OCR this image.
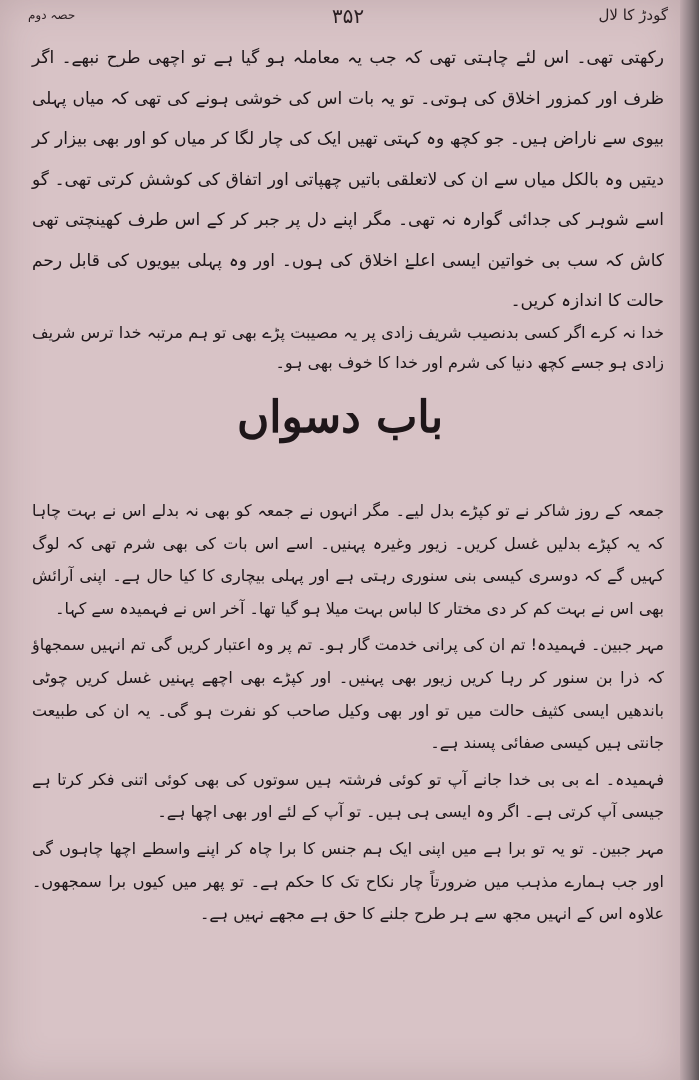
گودڑ کا لال
۳۵۲
حصہ دوم

رکھتی تھی۔ اس لئے چاہتی تھی کہ جب یہ معاملہ ہو گیا ہے تو اچھی طرح نبھے۔ اگر ظرف اور کمزور اخلاق کی ہوتی۔ تو یہ بات اس کی خوشی ہونے کی تھی کہ میاں پہلی بیوی سے ناراض ہیں۔ جو کچھ وہ کہتی تھیں ایک کی چار لگا کر میاں کو اور بھی بیزار کر دیتیں وہ بالکل میاں سے ان کی لاتعلقی باتیں چھپاتی اور اتفاق کی کوشش کرتی تھی۔ گو اسے شوہر کی جدائی گوارہ نہ تھی۔ مگر اپنے دل پر جبر کر کے اس طرف کھینچتی تھی کاش کہ سب بی خواتین ایسی اعلےٰ اخلاق کی ہوں۔ اور وہ پہلی بیویوں کی قابل رحم حالت کا اندازہ کریں۔

خدا نہ کرے اگر کسی بدنصیب شریف زادی پر یہ مصیبت پڑے بھی تو ہم مرتبہ خدا ترس شریف زادی ہو جسے کچھ دنیا کی شرم اور خدا کا خوف بھی ہو۔

باب دسواں

جمعہ کے روز شاکر نے تو کپڑے بدل لیے۔ مگر انہوں نے جمعہ کو بھی نہ بدلے اس نے بہت چاہا کہ یہ کپڑے بدلیں غسل کریں۔ زیور وغیرہ پہنیں۔ اسے اس بات کی بھی شرم تھی کہ لوگ کہیں گے کہ دوسری کیسی بنی سنوری رہتی ہے اور پہلی بیچاری کا کیا حال ہے۔ اپنی آرائش بھی اس نے بہت کم کر دی مختار کا لباس بہت میلا ہو گیا تھا۔ آخر اس نے فہمیدہ سے کہا۔

مہر جبین۔ فہمیدہ! تم ان کی پرانی خدمت گار ہو۔ تم پر وہ اعتبار کریں گی تم انہیں سمجھاؤ کہ ذرا بن سنور کر رہا کریں زیور بھی پہنیں۔ اور کپڑے بھی اچھے پہنیں غسل کریں چوٹی باندھیں ایسی کثیف حالت میں تو اور بھی وکیل صاحب کو نفرت ہو گی۔ یہ ان کی طبیعت جانتی ہیں کیسی صفائی پسند ہے۔

فہمیدہ۔ اے بی بی خدا جانے آپ تو کوئی فرشتہ ہیں سوتوں کی بھی کوئی اتنی فکر کرتا ہے جیسی آپ کرتی ہے۔ اگر وہ ایسی ہی ہیں۔ تو آپ کے لئے اور بھی اچھا ہے۔

مہر جبین۔ تو یہ تو برا ہے میں اپنی ایک ہم جنس کا برا چاہ کر اپنے واسطے اچھا چاہوں گی اور جب ہمارے مذہب میں ضرورتاً چار نکاح تک کا حکم ہے۔ تو پھر میں کیوں برا سمجھوں۔ علاوہ اس کے انہیں مجھ سے ہر طرح جلنے کا حق ہے مجھے نہیں ہے۔
